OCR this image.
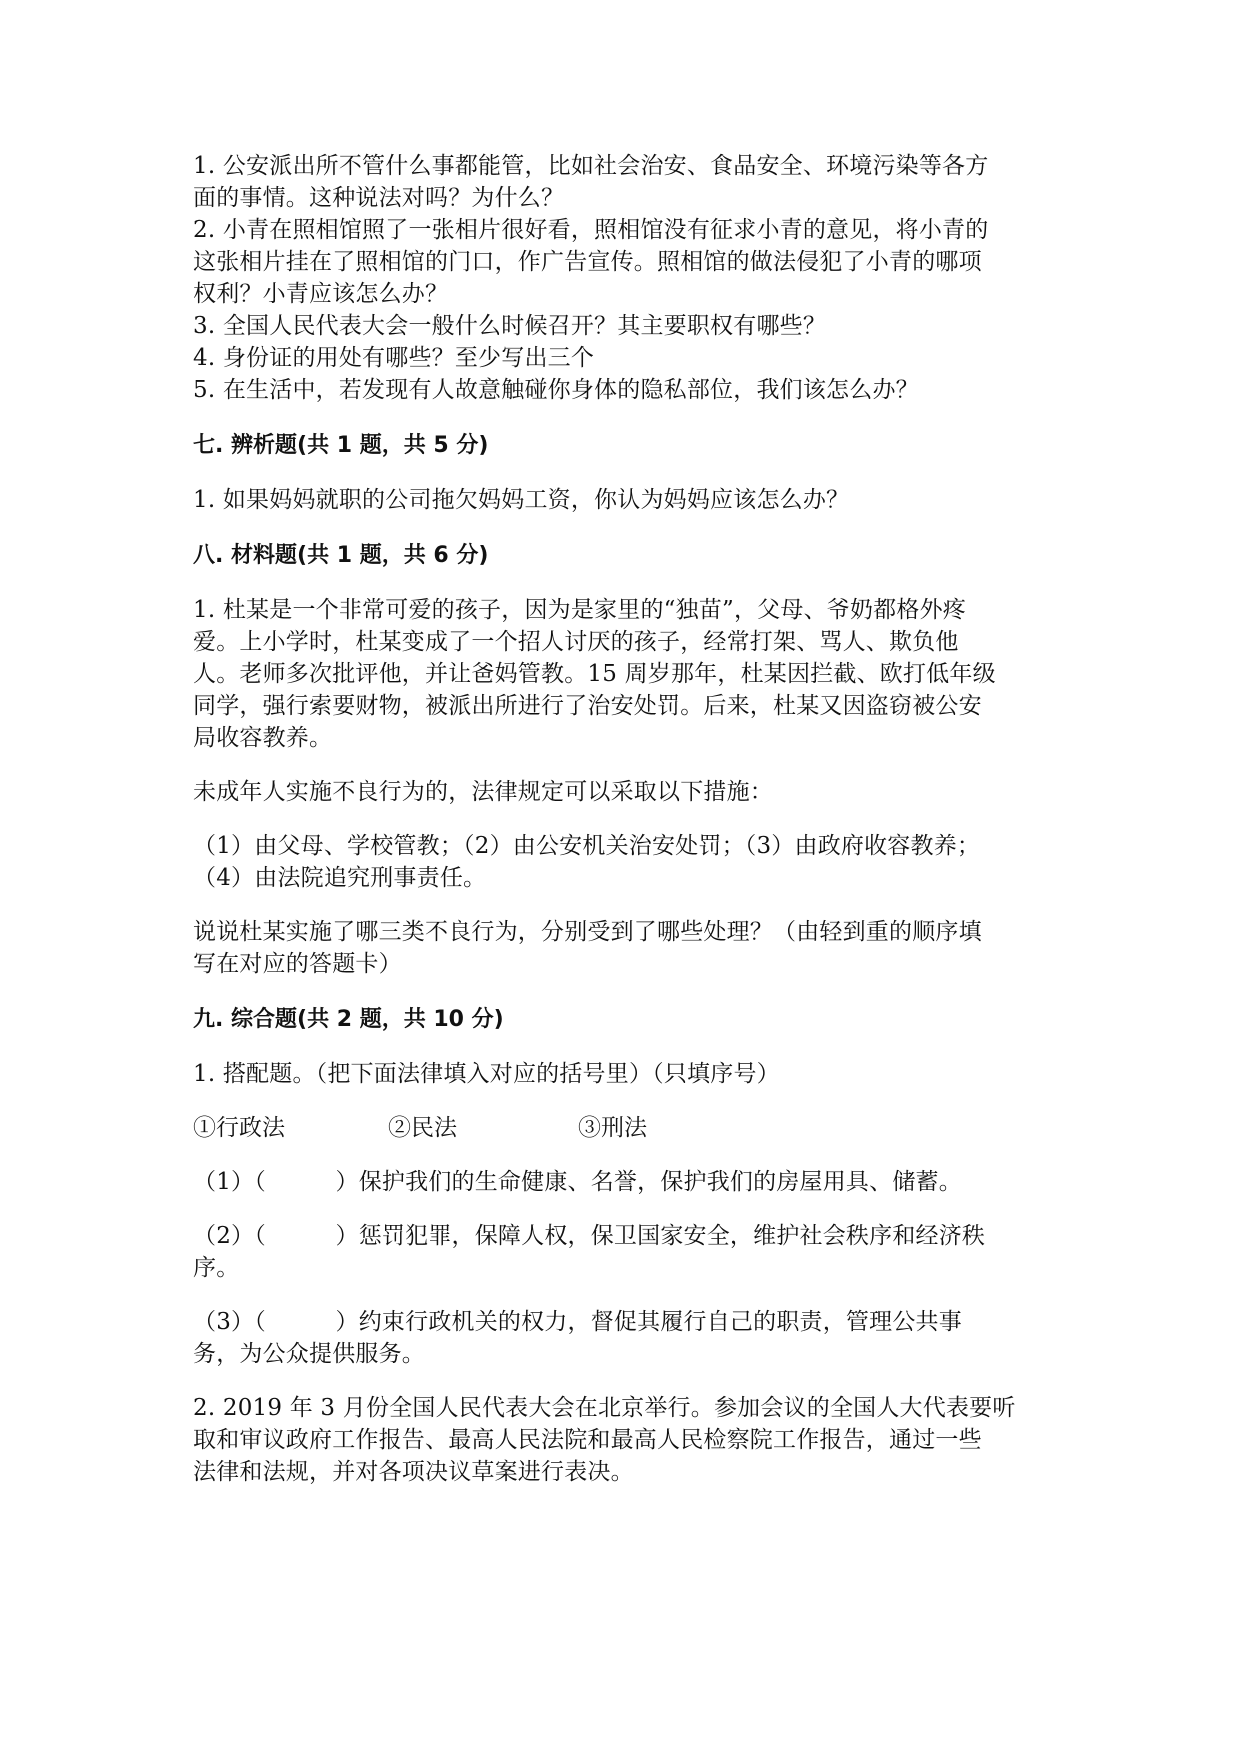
1. 公安派出所不管什么事都能管，比如社会治安、食品安全、环境污染等各方
面的事情。这种说法对吗？为什么？
2. 小青在照相馆照了一张相片很好看，照相馆没有征求小青的意见，将小青的
这张相片挂在了照相馆的门口，作广告宣传。照相馆的做法侵犯了小青的哪项
权利？小青应该怎么办？
3. 全国人民代表大会一般什么时候召开？其主要职权有哪些？
4. 身份证的用处有哪些？至少写出三个
5. 在生活中，若发现有人故意触碰你身体的隐私部位，我们该怎么办？
七. 辨析题(共 1 题，共 5 分)
1. 如果妈妈就职的公司拖欠妈妈工资，你认为妈妈应该怎么办？
八. 材料题(共 1 题，共 6 分)
1. 杜某是一个非常可爱的孩子，因为是家里的“独苗”，父母、爷奶都格外疼
爱。上小学时，杜某变成了一个招人讨厌的孩子，经常打架、骂人、欺负他
人。老师多次批评他，并让爸妈管教。15 周岁那年，杜某因拦截、欧打低年级
同学，强行索要财物，被派出所进行了治安处罚。后来，杜某又因盗窃被公安
局收容教养。
未成年人实施不良行为的，法律规定可以采取以下措施：
（1）由父母、学校管教；（2）由公安机关治安处罚；（3）由政府收容教养；
（4）由法院追究刑事责任。
说说杜某实施了哪三类不良行为，分别受到了哪些处理？（由轻到重的顺序填
写在对应的答题卡）
九. 综合题(共 2 题，共 10 分)
1. 搭配题。（把下面法律填入对应的括号里）（只填序号）
①行政法	②民法	③刑法
（1）（　　　）保护我们的生命健康、名誉，保护我们的房屋用具、储蓄。
（2）（　　　）惩罚犯罪，保障人权，保卫国家安全，维护社会秩序和经济秩
序。
（3）（　　　）约束行政机关的权力，督促其履行自己的职责，管理公共事
务，为公众提供服务。
2. 2019 年 3 月份全国人民代表大会在北京举行。参加会议的全国人大代表要听
取和审议政府工作报告、最高人民法院和最高人民检察院工作报告，通过一些
法律和法规，并对各项决议草案进行表决。
